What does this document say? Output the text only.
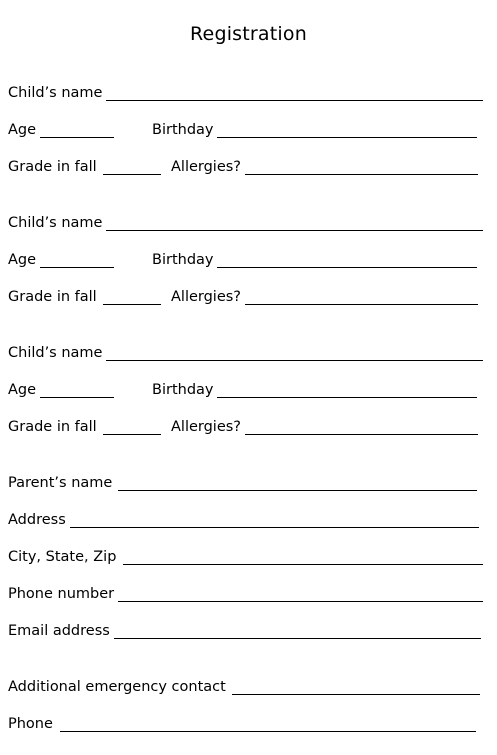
Registration
Child’s name
Age	Birthday
Grade in fall	Allergies?
Child’s name
Age	Birthday
Grade in fall	Allergies?
Child’s name
Age	Birthday
Grade in fall	Allergies?
Parent’s name
Address
City, State, Zip
Phone number
Email address
Additional emergency contact
Phone
